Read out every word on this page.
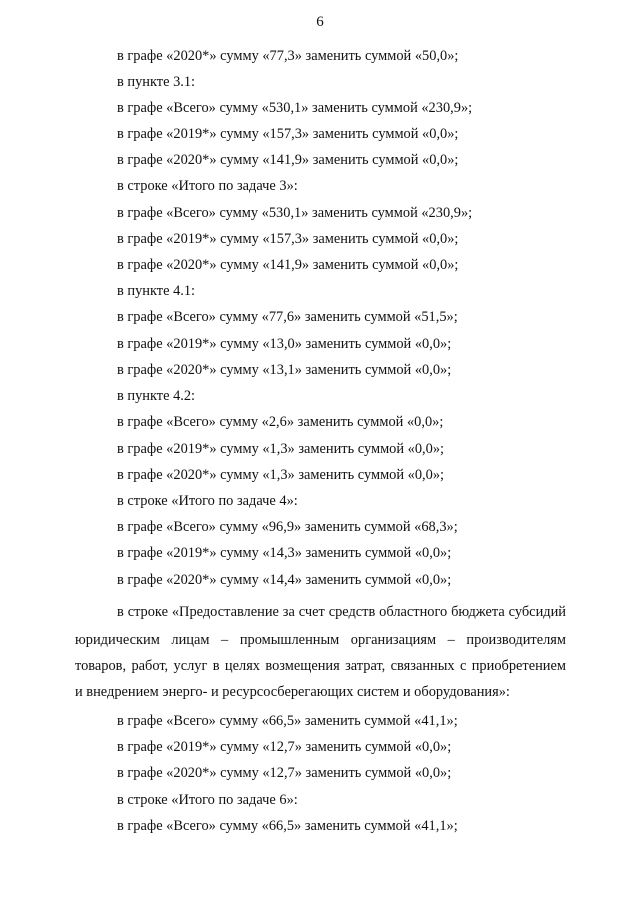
6
в графе «2020*» сумму «77,3» заменить суммой «50,0»;
в пункте 3.1:
в графе «Всего» сумму «530,1» заменить суммой «230,9»;
в графе «2019*» сумму «157,3» заменить суммой «0,0»;
в графе «2020*» сумму «141,9» заменить суммой «0,0»;
в строке «Итого по задаче 3»:
в графе «Всего» сумму «530,1» заменить суммой «230,9»;
в графе «2019*» сумму «157,3» заменить суммой «0,0»;
в графе «2020*» сумму «141,9» заменить суммой «0,0»;
в пункте 4.1:
в графе «Всего» сумму «77,6» заменить суммой «51,5»;
в графе «2019*» сумму «13,0» заменить суммой «0,0»;
в графе «2020*» сумму «13,1» заменить суммой «0,0»;
в пункте 4.2:
в графе «Всего» сумму «2,6» заменить суммой «0,0»;
в графе «2019*» сумму «1,3» заменить суммой «0,0»;
в графе «2020*» сумму «1,3» заменить суммой «0,0»;
в строке «Итого по задаче 4»:
в графе «Всего» сумму «96,9» заменить суммой «68,3»;
в графе «2019*» сумму «14,3» заменить суммой «0,0»;
в графе «2020*» сумму «14,4» заменить суммой «0,0»;
в строке «Предоставление за счет средств областного бюджета субсидий
юридическим лицам – промышленным организациям – производителям
товаров, работ, услуг в целях возмещения затрат, связанных с приобретением
и внедрением энерго- и ресурсосберегающих систем и оборудования»:
в графе «Всего» сумму «66,5» заменить суммой «41,1»;
в графе «2019*» сумму «12,7» заменить суммой «0,0»;
в графе «2020*» сумму «12,7» заменить суммой «0,0»;
в строке «Итого по задаче 6»:
в графе «Всего» сумму «66,5» заменить суммой «41,1»;
